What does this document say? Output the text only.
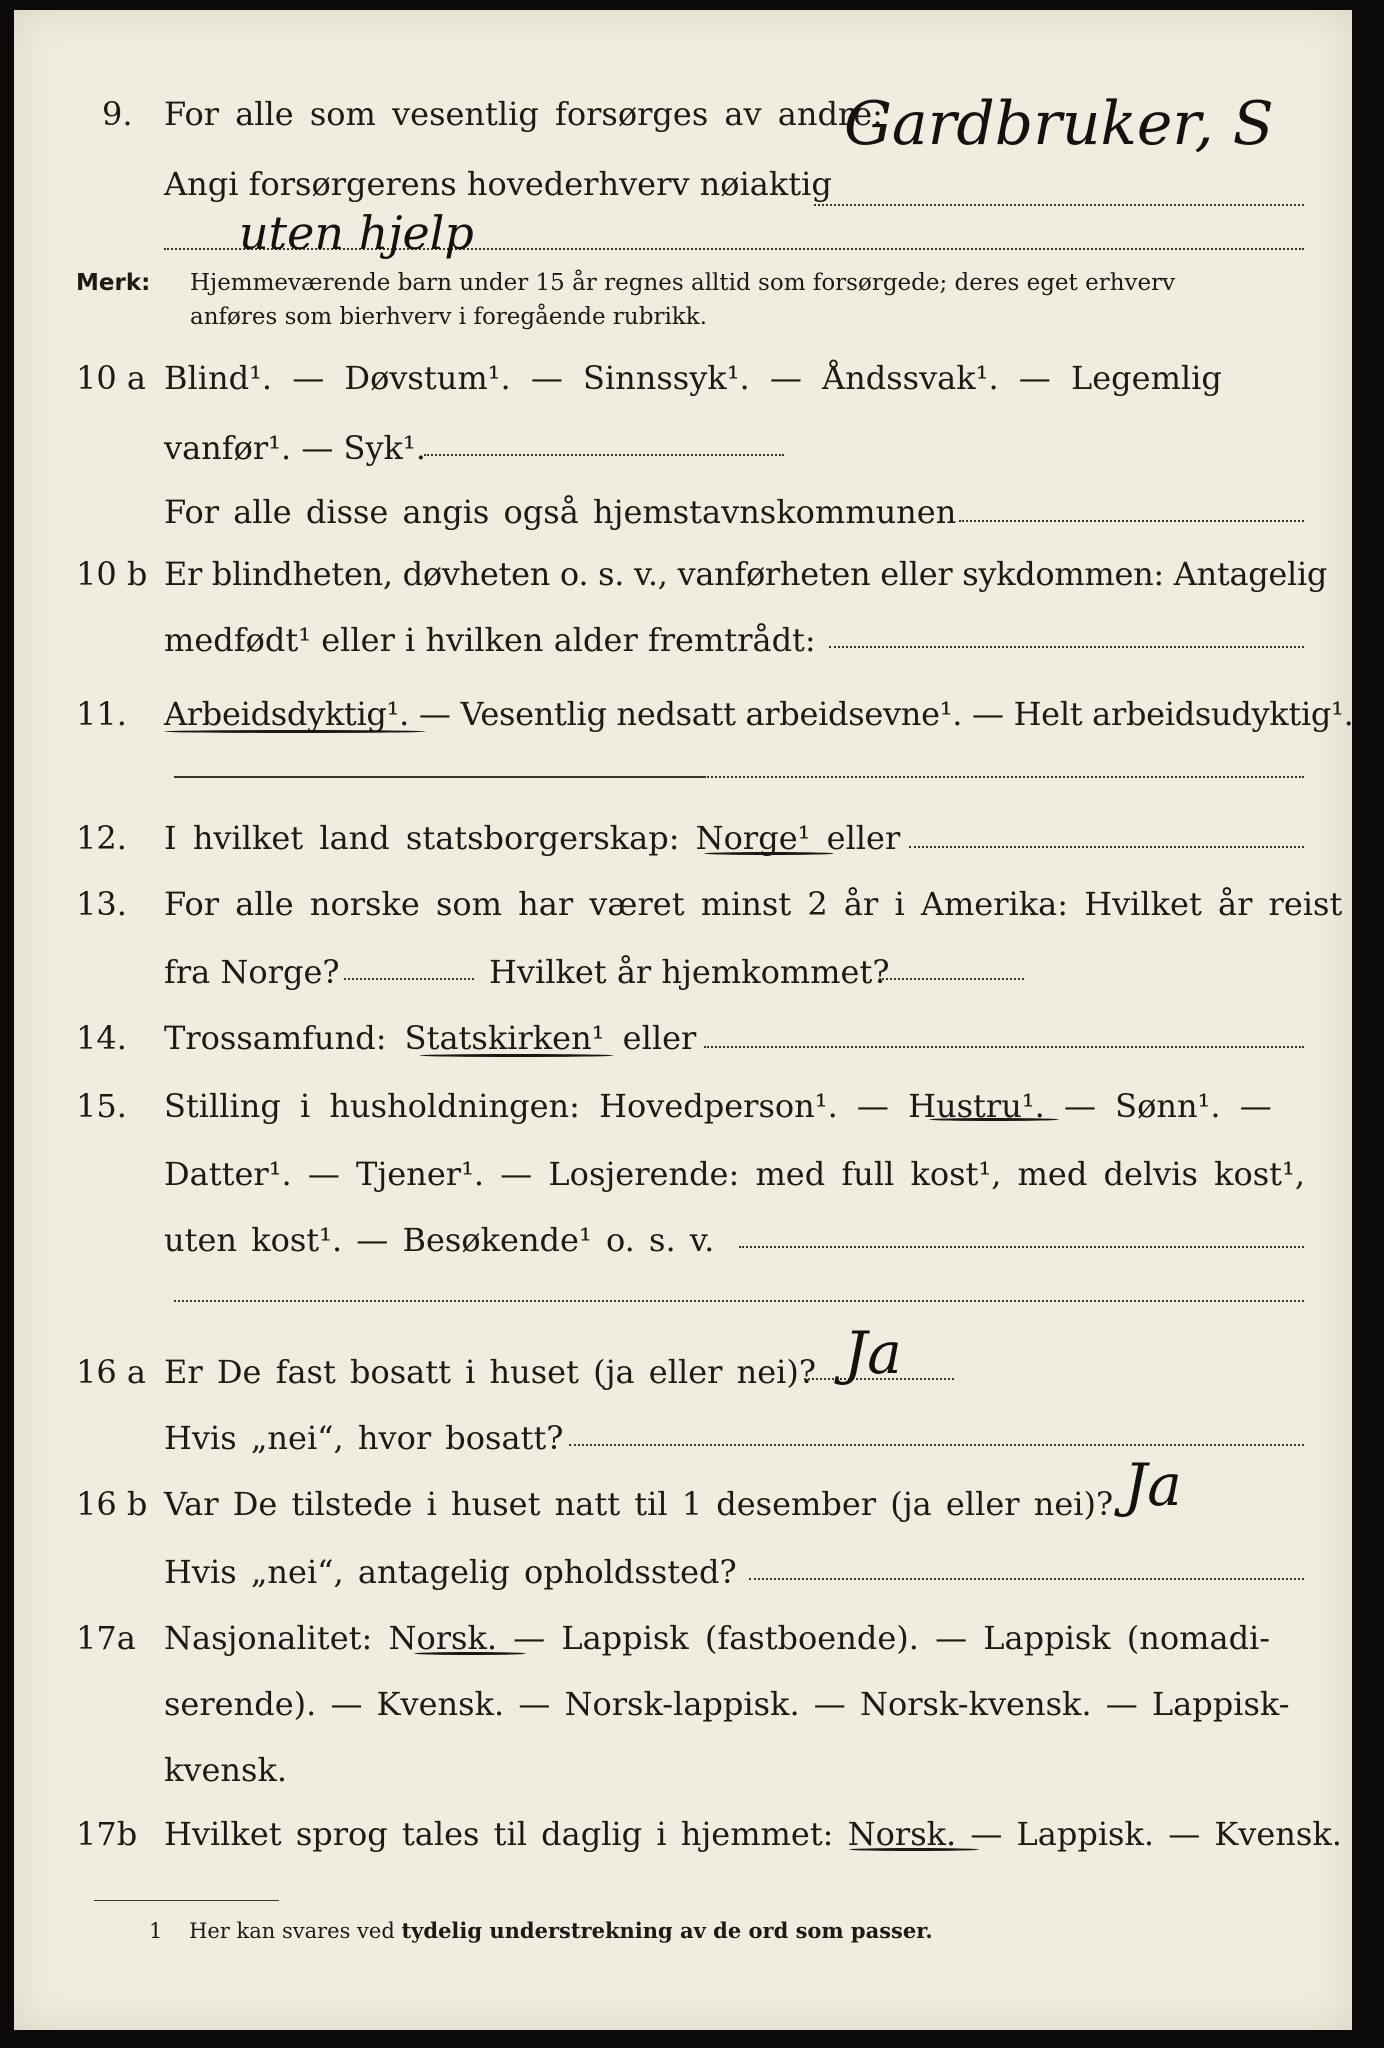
9. For alle som vesentlig forsørges av andre:
Angi forsørgerens hovederhverv nøiaktig
Gardbruker, S
uten hjelp
Merk: Hjemmeværende barn under 15 år regnes alltid som forsørgede; deres eget erhverv
anføres som bierhverv i foregående rubrikk.
10 a Blind¹. — Døvstum¹. — Sinnssyk¹. — Åndssvak¹. — Legemlig
vanfør¹. — Syk¹.
For alle disse angis også hjemstavnskommunen
10 b Er blindheten, døvheten o. s. v., vanførheten eller sykdommen: Antagelig
medfødt¹ eller i hvilken alder fremtrådt:
11. Arbeidsdyktig¹. — Vesentlig nedsatt arbeidsevne¹. — Helt arbeidsudyktig¹.
12. I hvilket land statsborgerskap: Norge¹ eller
13. For alle norske som har været minst 2 år i Amerika: Hvilket år reist
fra Norge?	Hvilket år hjemkommet?
14. Trossamfund: Statskirken¹ eller
15. Stilling i husholdningen: Hovedperson¹. — Hustru¹. — Sønn¹. —
Datter¹. — Tjener¹. — Losjerende: med full kost¹, med delvis kost¹,
uten kost¹. — Besøkende¹ o. s. v.
16 a Er De fast bosatt i huset (ja eller nei)? Ja
Hvis „nei“, hvor bosatt?
16 b Var De tilstede i huset natt til 1 desember (ja eller nei)? Ja
Hvis „nei“, antagelig opholdssted?
17a Nasjonalitet: Norsk. — Lappisk (fastboende). — Lappisk (nomadi-
serende). — Kvensk. — Norsk-lappisk. — Norsk-kvensk. — Lappisk-
kvensk.
17b Hvilket sprog tales til daglig i hjemmet: Norsk. — Lappisk. — Kvensk.
1 Her kan svares ved tydelig understrekning av de ord som passer.
